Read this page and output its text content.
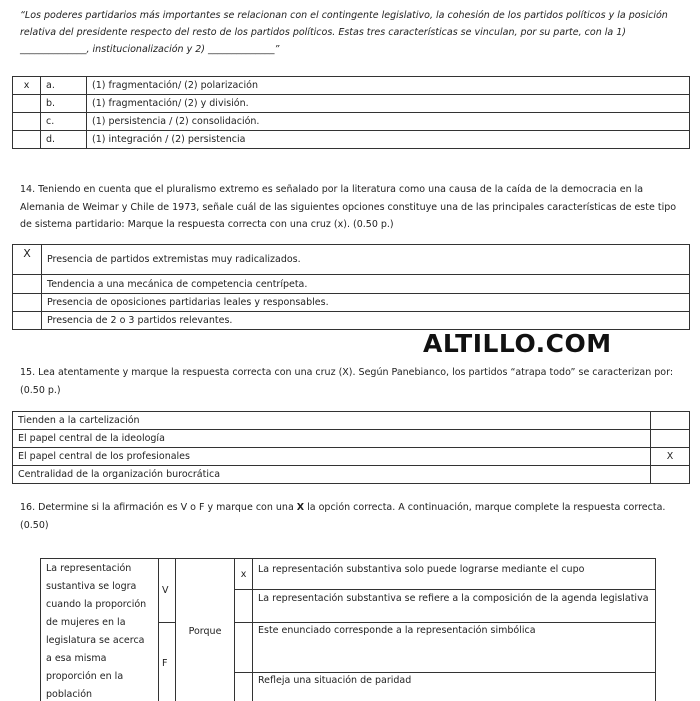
“Los poderes partidarios más importantes se relacionan con el contingente legislativo, la cohesión de los partidos políticos y la posición
relativa del presidente respecto del resto de los partidos políticos. Estas tres características se vinculan, por su parte, con la 1)
______________, institucionalización y 2) ______________”
x	a.	(1) fragmentación/ (2) polarización
	b.	(1) fragmentación/ (2) y división.
	c.	(1) persistencia / (2) consolidación.
	d.	(1) integración / (2) persistencia
14. Teniendo en cuenta que el pluralismo extremo es señalado por la literatura como una causa de la caída de la democracia en la
Alemania de Weimar y Chile de 1973, señale cuál de las siguientes opciones constituye una de las principales características de este tipo
de sistema partidario: Marque la respuesta correcta con una cruz (x). (0.50 p.)
X	Presencia de partidos extremistas muy radicalizados.
	Tendencia a una mecánica de competencia centrípeta.
	Presencia de oposiciones partidarias leales y responsables.
	Presencia de 2 o 3 partidos relevantes.
ALTILLO.COM
15. Lea atentamente y marque la respuesta correcta con una cruz (X). Según Panebianco, los partidos “atrapa todo” se caracterizan por:
(0.50 p.)
Tienden a la cartelización	
El papel central de la ideología	
El papel central de los profesionales	X
Centralidad de la organización burocrática	
16. Determine si la afirmación es V o F y marque con una X la opción correcta. A continuación, marque complete la respuesta correcta.
(0.50)
La representación sustantiva se logra cuando la proporción de mujeres en la legislatura se acerca a esa misma proporción en la población	V	Porque	x	La representación substantiva solo puede lograrse mediante el cupo
				La representación substantiva se refiere a la composición de la agenda legislativa
	F			Este enunciado corresponde a la representación simbólica
				Refleja una situación de paridad
